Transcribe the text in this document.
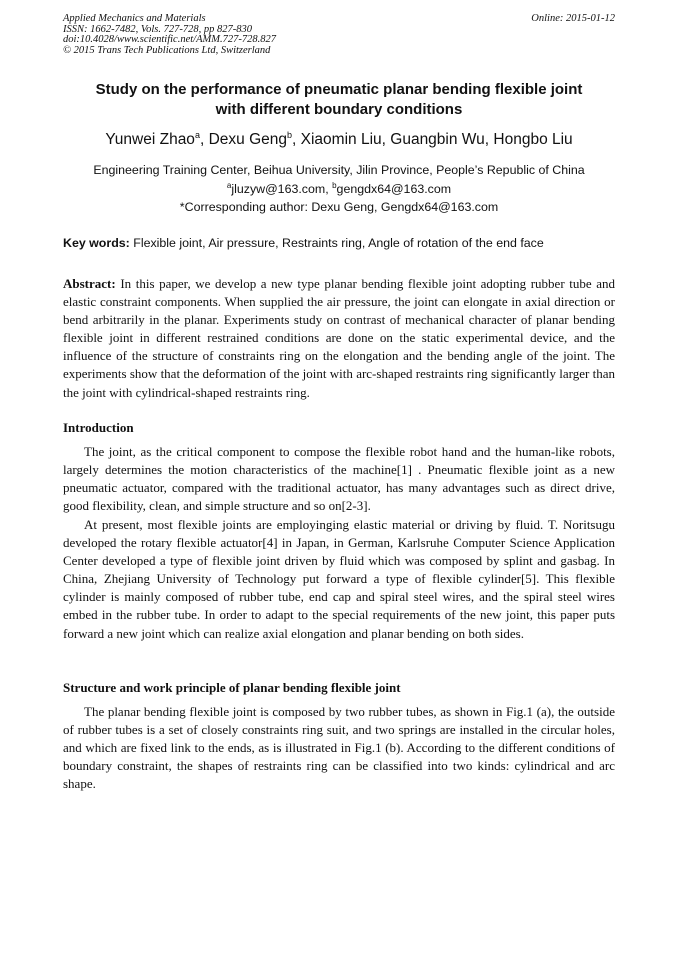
Applied Mechanics and Materials	Online: 2015-01-12
ISSN: 1662-7482, Vols. 727-728, pp 827-830
doi:10.4028/www.scientific.net/AMM.727-728.827
© 2015 Trans Tech Publications Ltd, Switzerland
Study on the performance of pneumatic planar bending flexible joint
with different boundary conditions
Yunwei Zhao$^a$, Dexu Geng$^b$, Xiaomin Liu, Guangbin Wu, Hongbo Liu
Engineering Training Center, Beihua University, Jilin Province, People’s Republic of China
$^a$jluzyw@163.com, $^b$gengdx64@163.com
*Corresponding author: Dexu Geng, Gengdx64@163.com
Key words: Flexible joint, Air pressure, Restraints ring, Angle of rotation of the end face
Abstract: In this paper, we develop a new type planar bending flexible joint adopting rubber tube and elastic constraint components. When supplied the air pressure, the joint can elongate in axial direction or bend arbitrarily in the planar. Experiments study on contrast of mechanical character of planar bending flexible joint in different restrained conditions are done on the static experimental device, and the influence of the structure of constraints ring on the elongation and the bending angle of the joint. The experiments show that the deformation of the joint with arc-shaped restraints ring significantly larger than the joint with cylindrical-shaped restraints ring.
Introduction
The joint, as the critical component to compose the flexible robot hand and the human-like robots, largely determines the motion characteristics of the machine[1] . Pneumatic flexible joint as a new pneumatic actuator, compared with the traditional actuator, has many advantages such as direct drive, good flexibility, clean, and simple structure and so on[2-3].
At present, most flexible joints are employinging elastic material or driving by fluid. T. Noritsugu developed the rotary flexible actuator[4] in Japan, in German, Karlsruhe Computer Science Application Center developed a type of flexible joint driven by fluid which was composed by splint and gasbag. In China, Zhejiang University of Technology put forward a type of flexible cylinder[5]. This flexible cylinder is mainly composed of rubber tube, end cap and spiral steel wires, and the spiral steel wires embed in the rubber tube. In order to adapt to the special requirements of the new joint, this paper puts forward a new joint which can realize axial elongation and planar bending on both sides.
Structure and work principle of planar bending flexible joint
The planar bending flexible joint is composed by two rubber tubes, as shown in Fig.1 (a), the outside of rubber tubes is a set of closely constraints ring suit, and two springs are installed in the circular holes, and which are fixed link to the ends, as is illustrated in Fig.1 (b). According to the different conditions of boundary constraint, the shapes of restraints ring can be classified into two kinds: cylindrical and arc shape.
